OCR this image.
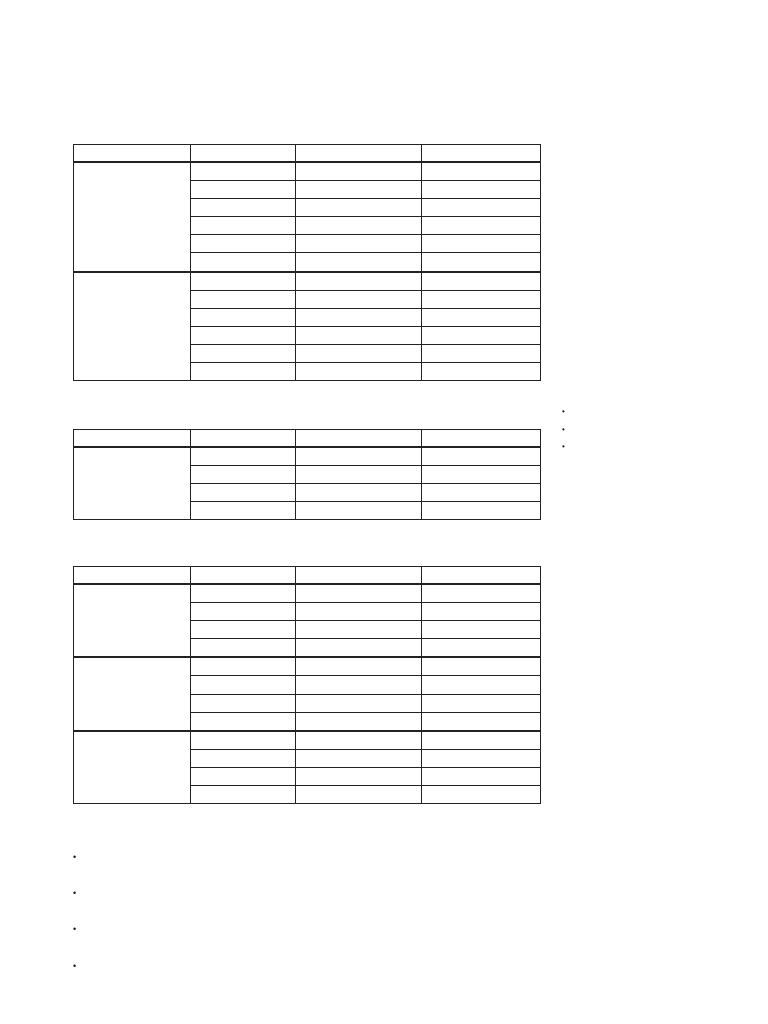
•
•
•
•
•
•
•
